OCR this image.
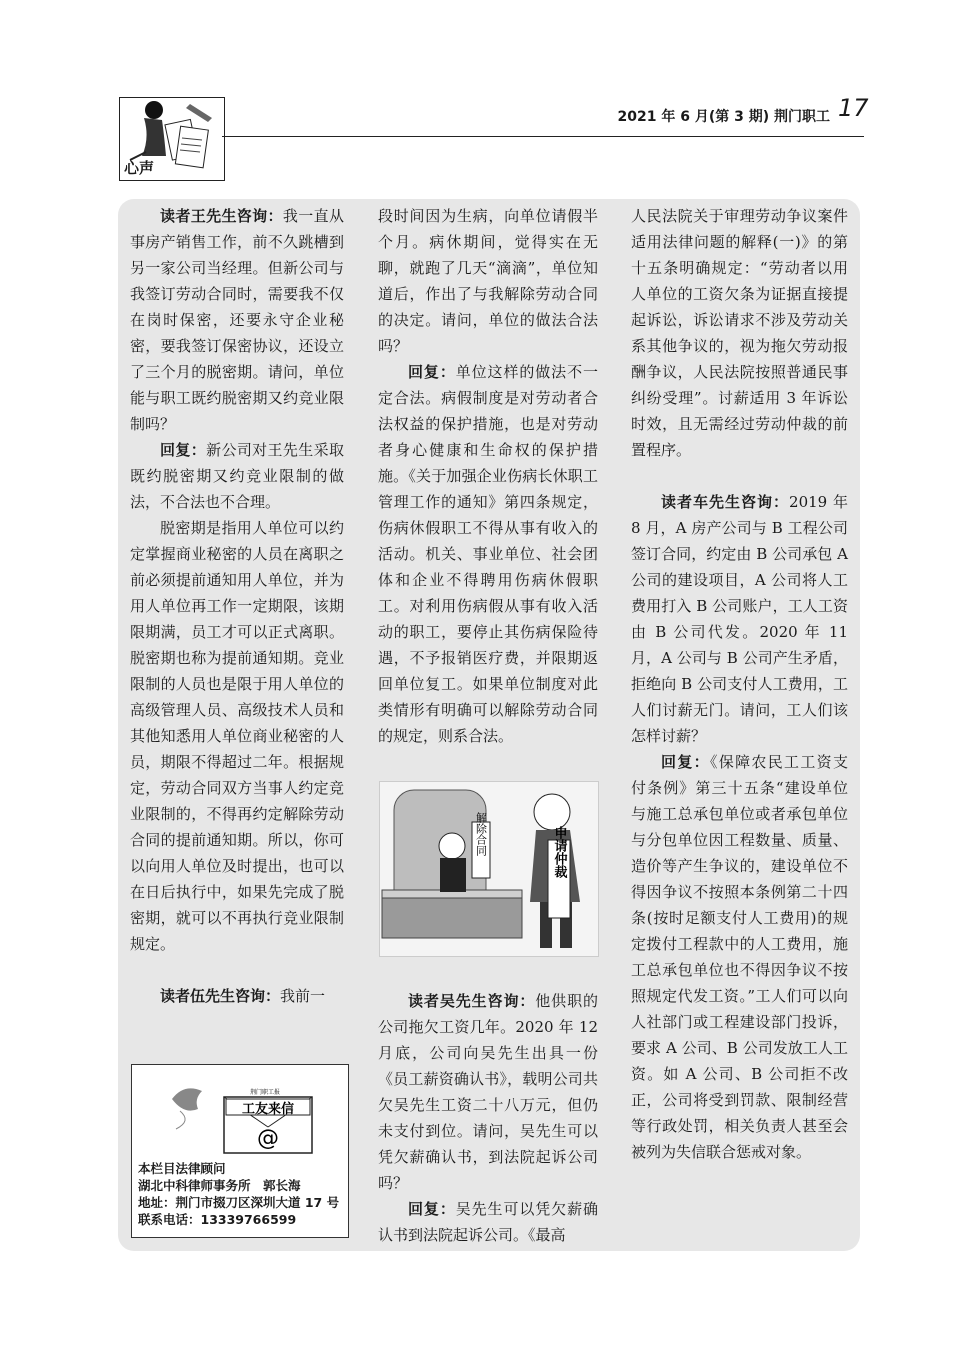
心声
2021 年 6 月(第 3 期) 荆门职工 17

读者王先生咨询：我一直从事房产销售工作，前不久跳槽到另一家公司当经理。但新公司与我签订劳动合同时，需要我不仅在岗时保密，还要永守企业秘密，要我签订保密协议，还设立了三个月的脱密期。请问，单位能与职工既约脱密期又约竞业限制吗？

回复：新公司对王先生采取既约脱密期又约竞业限制的做法，不合法也不合理。

脱密期是指用人单位可以约定掌握商业秘密的人员在离职之前必须提前通知用人单位，并为用人单位再工作一定期限，该期限期满，员工才可以正式离职。脱密期也称为提前通知期。竞业限制的人员也是限于用人单位的高级管理人员、高级技术人员和其他知悉用人单位商业秘密的人员，期限不得超过二年。根据规定，劳动合同双方当事人约定竞业限制的，不得再约定解除劳动合同的提前通知期。所以，你可以向用人单位及时提出，也可以在日后执行中，如果先完成了脱密期，就可以不再执行竞业限制规定。

读者伍先生咨询：我前一

段时间因为生病，向单位请假半个月。病休期间，觉得实在无聊，就跑了几天“滴滴”，单位知道后，作出了与我解除劳动合同的决定。请问，单位的做法合法吗？

回复：单位这样的做法不一定合法。病假制度是对劳动者合法权益的保护措施，也是对劳动者身心健康和生命权的保护措施。《关于加强企业伤病长休职工管理工作的通知》第四条规定，伤病休假职工不得从事有收入的活动。机关、事业单位、社会团体和企业不得聘用伤病休假职工。对利用伤病假从事有收入活动的职工，要停止其伤病保险待遇，不予报销医疗费，并限期返回单位复工。如果单位制度对此类情形有明确可以解除劳动合同的规定，则系合法。

解除合同	申请仲裁

读者吴先生咨询：他供职的公司拖欠工资几年。2020 年 12 月底，公司向吴先生出具一份《员工薪资确认书》，载明公司共欠吴先生工资二十八万元，但仍未支付到位。请问，吴先生可以凭欠薪确认书，到法院起诉公司吗？

回复：吴先生可以凭欠薪确认书到法院起诉公司。《最高

人民法院关于审理劳动争议案件适用法律问题的解释(一)》的第十五条明确规定：“劳动者以用人单位的工资欠条为证据直接提起诉讼，诉讼请求不涉及劳动关系其他争议的，视为拖欠劳动报酬争议，人民法院按照普通民事纠纷受理”。讨薪适用 3 年诉讼时效，且无需经过劳动仲裁的前置程序。

读者车先生咨询：2019 年 8 月，A 房产公司与 B 工程公司签订合同，约定由 B 公司承包 A 公司的建设项目，A 公司将人工费用打入 B 公司账户，工人工资由 B 公司代发。2020 年 11 月，A 公司与 B 公司产生矛盾，拒绝向 B 公司支付人工费用，工人们讨薪无门。请问，工人们该怎样讨薪？

回复：《保障农民工工资支付条例》第三十五条“建设单位与施工总承包单位或者承包单位与分包单位因工程数量、质量、造价等产生争议的，建设单位不得因争议不按照本条例第二十四条(按时足额支付人工费用)的规定拨付工程款中的人工费用，施工总承包单位也不得因争议不按照规定代发工资。”工人们可以向人社部门或工程建设部门投诉，要求 A 公司、B 公司发放工人工资。如 A 公司、B 公司拒不改正，公司将受到罚款、限制经营等行政处罚，相关负责人甚至会被列为失信联合惩戒对象。

工友来信
荆门职工报
@
本栏目法律顾问
湖北中科律师事务所　郭长海
地址：荆门市掇刀区深圳大道 17 号
联系电话：13339766599
